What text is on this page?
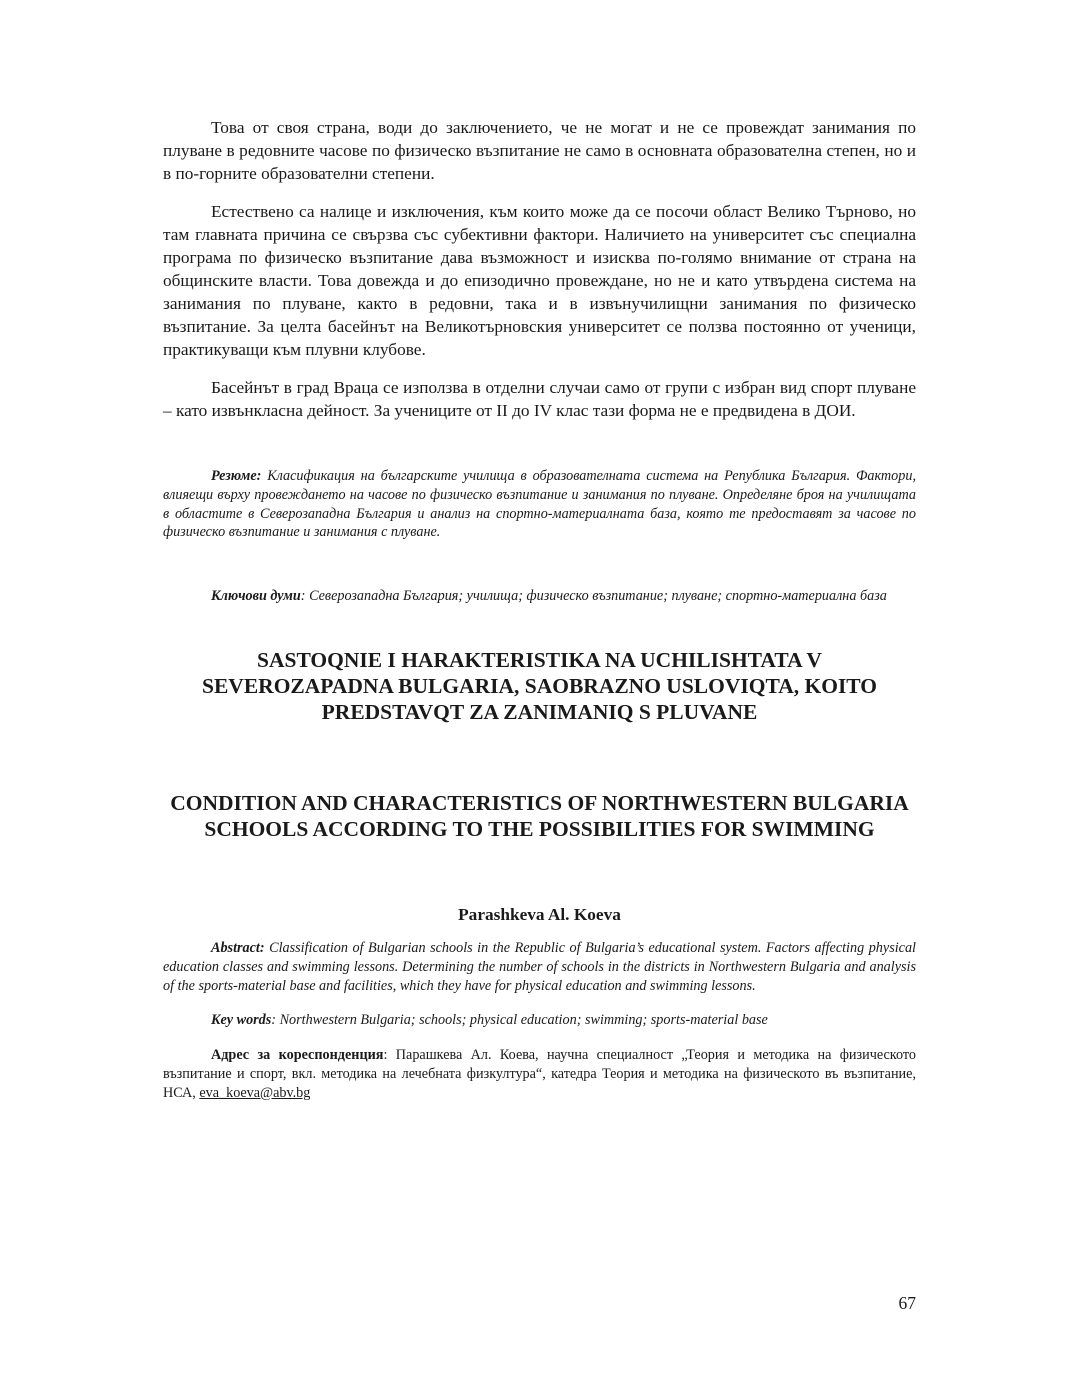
Това от своя страна, води до заключението, че не могат и не се провеждат занимания по плуване в редовните часове по физическо възпитание не само в основната образователна степен, но и в по-горните образователни степени.

Естествено са налице и изключения, към които може да се посочи област Велико Търново, но там главната причина се свързва със субективни фактори. Наличието на университет със специална програма по физическо възпитание дава възможност и изисква по-голямо внимание от страна на общинските власти. Това довежда и до епизодично провеждане, но не и като утвърдена система на занимания по плуване, както в редовни, така и в извънучилищни занимания по физическо възпитание. За целта басейнът на Великотърновския университет се ползва постоянно от ученици, практикуващи към плувни клубове.

Басейнът в град Враца се използва в отделни случаи само от групи с избран вид спорт плуване – като извънкласна дейност. За учениците от II до IV клас тази форма не е предвидена в ДОИ.

Резюме: Класификация на българските училища в образователната система на Република България. Фактори, влияещи върху провеждането на часове по физическо възпитание и занимания по плуване. Определяне броя на училищата в областите в Северозападна България и анализ на спортно-материалната база, която те предоставят за часове по физическо възпитание и занимания с плуване.

Ключови думи: Северозападна България; училища; физическо възпитание; плуване; спортно-материална база

SASTOQNIE I HARAKTERISTIKA NA UCHILISHTATA V SEVEROZAPADNA BULGARIA, SAOBRAZNO USLOVIQTA, KOITO PREDSTAVQT ZA ZANIMANIQ S PLUVANE

CONDITION AND CHARACTERISTICS OF NORTHWESTERN BULGARIA SCHOOLS ACCORDING TO THE POSSIBILITIES FOR SWIMMING

Parashkeva Al. Koeva

Abstract: Classification of Bulgarian schools in the Republic of Bulgaria’s educational system. Factors affecting physical education classes and swimming lessons. Determining the number of schools in the districts in Northwestern Bulgaria and analysis of the sports-material base and facilities, which they have for physical education and swimming lessons.

Key words: Northwestern Bulgaria; schools; physical education; swimming; sports-material base

Адрес за кореспонденция: Парашкева Ал. Коева, научна специалност „Теория и методика на физическото възпитание и спорт, вкл. методика на лечебната физкултура“, катедра Теория и методика на физическото въ възпитание, НСА, eva_koeva@abv.bg

67
